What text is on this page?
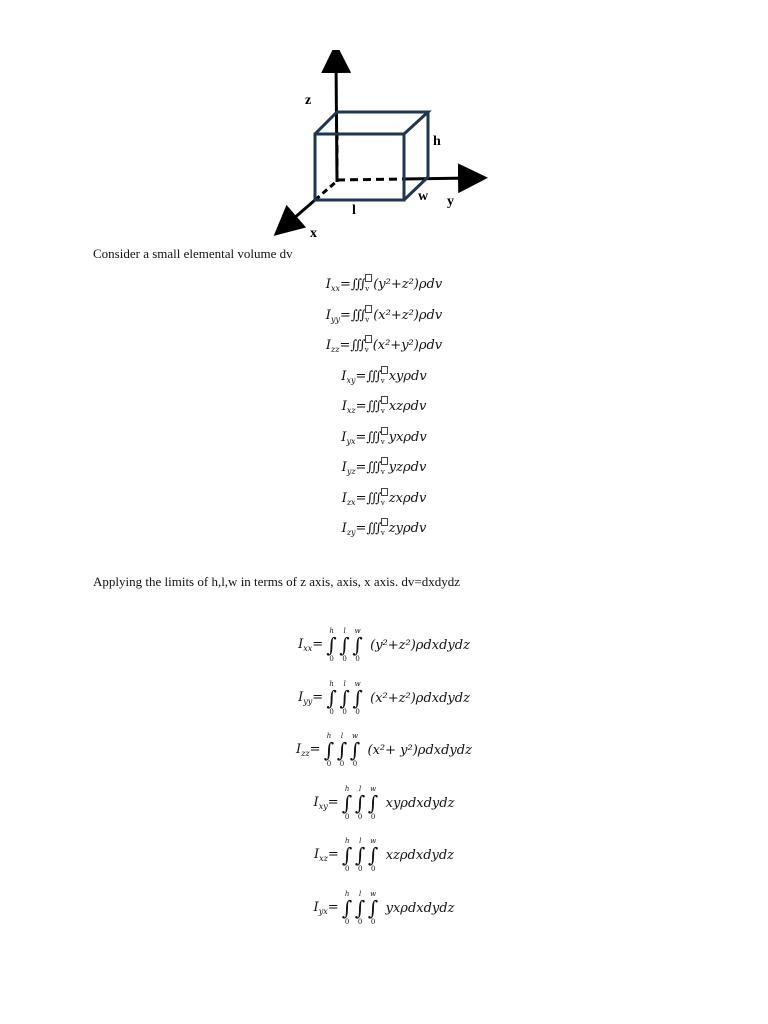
z
h
w y
l
x
Consider a small elemental volume dv
$I_{xx}=∭_v$ (y²+z²)ρdv
$I_{yy}=∭_v$ (x²+z²)ρdv
$I_{zz}=∭_v$ (x²+y²)ρdv
$I_{xy}=∭_v$ xyρdv
$I_{xz}=∭_v$ xzρdv
$I_{yx}=∭_v$ yxρdv
$I_{yz}=∭_v$ yzρdv
$I_{zx}=∭_v$ zxρdv
$I_{zy}=∭_v$ zyρdv
Applying the limits of h,l,w in terms of z axis, axis, x axis. dv=dxdydz
$I_{xx}=$
h
∫
0
l
∫
0
w
∫
0
(y²+z²)ρdxdydz
$I_{yy}=$
h
∫
0
l
∫
0
w
∫
0
(x²+z²)ρdxdydz
$I_{zz}=$
h
∫
0
l
∫
0
w
∫
0
(x²+ y²)ρdxdydz
$I_{xy}=$
h
∫
0
l
∫
0
w
∫
0
xyρdxdydz
$I_{xz}=$
h
∫
0
l
∫
0
w
∫
0
xzρdxdydz
$I_{yx}=$
h
∫
0
l
∫
0
w
∫
0
yxρdxdydz
